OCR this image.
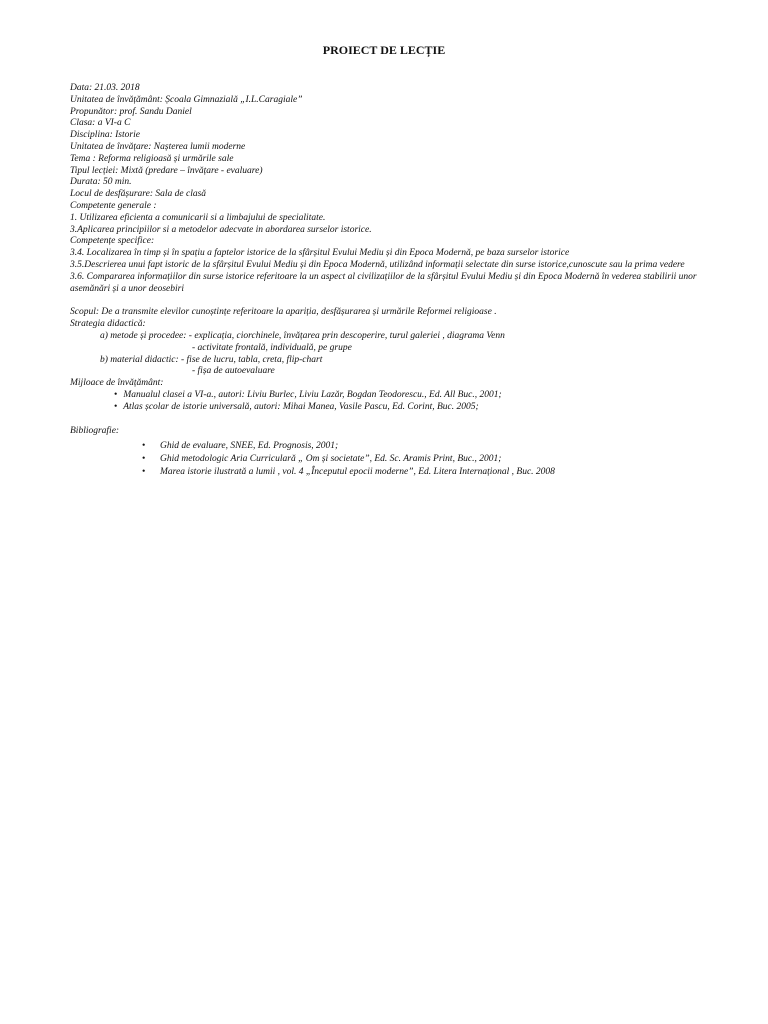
PROIECT DE LECȚIE
Data: 21.03. 2018
Unitatea de învățământ: Școala Gimnazială „I.L.Caragiale”
Propunător: prof. Sandu Daniel
Clasa: a VI-a C
Disciplina: Istorie
Unitatea de învățare: Nașterea lumii moderne
Tema : Reforma religioasă și urmările sale
Tipul lecției: Mixtă (predare – învățare - evaluare)
Durata: 50 min.
Locul de desfășurare: Sala de clasă
Competente generale :
1. Utilizarea eficienta a comunicarii si a limbajului de specialitate.
3.Aplicarea principiilor si a metodelor adecvate in abordarea surselor istorice.
Competențe specifice:
3.4. Localizarea în timp și în spațiu a faptelor istorice de la sfârșitul Evului Mediu și din Epoca Modernă, pe baza surselor istorice
3.5.Descrierea unui fapt istoric de la sfârșitul Evului Mediu și din Epoca Modernă, utilizând informații selectate din surse istorice,cunoscute sau la prima vedere
3.6. Compararea informațiilor din surse istorice referitoare la un aspect al civilizațiilor de la sfârșitul Evului Mediu și din Epoca Modernă în vederea stabilirii unor asemănări și a unor deosebiri
Scopul: De a transmite elevilor cunoștințe referitoare la apariția, desfășurarea și urmările Reformei religioase .
Strategia didactică:
a) metode și procedee: - explicația, ciorchinele, învățarea prin descoperire, turul galeriei , diagrama Venn
- activitate frontală, individuală, pe grupe
b) material didactic: - fise de lucru, tabla, creta, flip-chart
- fișa de autoevaluare
Mijloace de învățământ:
• Manualul clasei a VI-a., autori: Liviu Burlec, Liviu Lazăr, Bogdan Teodorescu., Ed. All Buc., 2001;
• Atlas școlar de istorie universală, autori: Mihai Manea, Vasile Pascu, Ed. Corint, Buc. 2005;
Bibliografie:
• Ghid de evaluare, SNEE, Ed. Prognosis, 2001;
• Ghid metodologic Aria Curriculară „ Om și societate”, Ed. Sc. Aramis Print, Buc., 2001;
• Marea istorie ilustrată a lumii , vol. 4 „Începutul epocii moderne”, Ed. Litera Internațional , Buc. 2008
